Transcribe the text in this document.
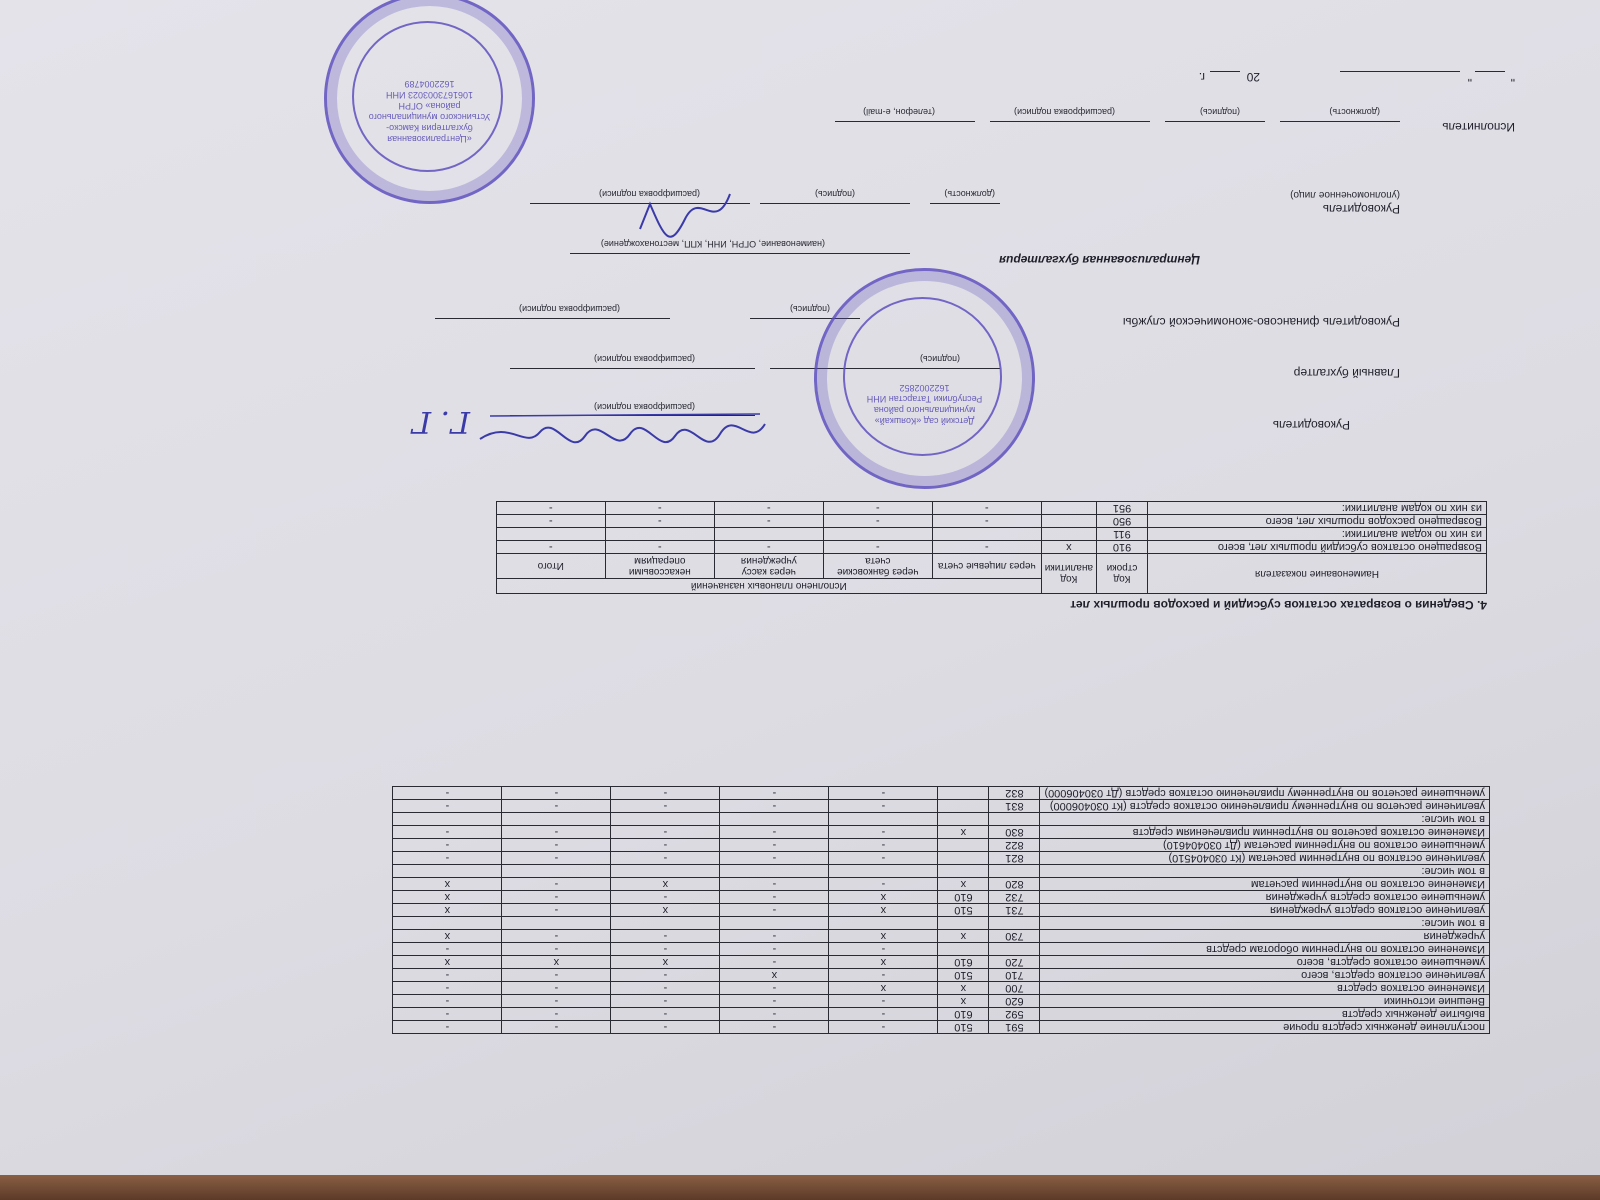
поступление денежных средств прочие	591	510	-	-	-	-	-
выбытие денежных средств	592	610	-	-	-	-	-
Внешние источники	620	x	-	-	-	-	-
Изменение остатков средств	700	x	x	-	-	-	-
увеличение остатков средств, всего	710	510	-	x	-	-	-
уменьшение остатков средств, всего	720	610	x	-	x	x	x
Изменение остатков по внутренним оборотам средств			-	-	-	-	-
учреждения	730	x	x	-	-	-	x
в том числе:							
увеличение остатков средств учреждения	731	510	x	-	x	-	x
уменьшение остатков средств учреждения	732	610	x	-	-	-	x
Изменение остатков по внутренним расчетам	820	x	-	-	x	-	x
в том числе:							
увеличение остатков по внутренним расчетам (Кт 030404510)	821		-	-	-	-	-
уменьшение остатков по внутренним расчетам (Дт 030404610)	822		-	-	-	-	-
Изменение остатков расчетов по внутренним привлечениям средств	830	x	-	-	-	-	-
в том числе:							
увеличение расчетов по внутреннему привлечению остатков средств (Кт 030406000)	831		-	-	-	-	-
уменьшение расчетов по внутреннему привлечению остатков средств (Дт 030406000)	832		-	-	-	-	-
4. Сведения о возвратах остатков субсидий и расходов прошлых лет
Наименование показателя	Код строки	Код аналитики	Исполнено плановых назначений				
			через лицевые счета	через банковские счета	через кассу учреждения	некассовыми операциям	Итого
Возвращено остатков субсидий прошлых лет, всего	910	x	-	-	-	-	-
из них по кодам аналитики:	911						
Возвращено расходов прошлых лет, всего	950		-	-	-	-	-
из них по кодам аналитики:	951		-	-	-	-	-
Руководитель
(расшифровка подписи)
Г. Г
Главный бухгалтер
(подпись)
(расшифровка подписи)
Руководитель финансово-экономической службы
(подпись)
(расшифровка подписи)
Централизованная бухгалтерия
(наименование, ОГРН, ИНН, КПП, местонахождение)
Руководитель
(уполномоченное лицо)
(должность)
(подпись)
(расшифровка подписи)
Исполнитель
(должность)
(подпись)
(расшифровка подписи)
(телефон, e-mail)
"
"
20
г.
Детский сад «Кояшкай» муниципального района Республики Татарстан ИНН 1622002852
«Централизованная бухгалтерия Камско-Устьинского муниципального района» ОГРН 1061673003023 ИНН 1622004789
